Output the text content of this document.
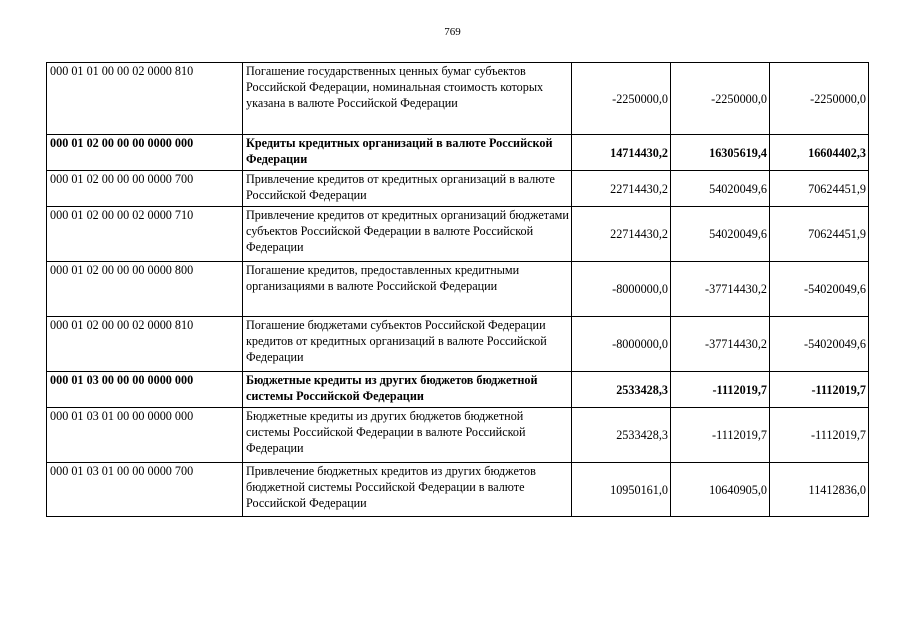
769
000 01 01 00 00 02 0000 810	Погашение государственных ценных бумаг субъектов Российской Федерации, номинальная стоимость которых указана в валюте Российской Федерации	-2250000,0	-2250000,0	-2250000,0
000 01 02 00 00 00 0000 000	Кредиты кредитных организаций в валюте Российской Федерации	14714430,2	16305619,4	16604402,3
000 01 02 00 00 00 0000 700	Привлечение кредитов от кредитных организаций в валюте Российской Федерации	22714430,2	54020049,6	70624451,9
000 01 02 00 00 02 0000 710	Привлечение кредитов от кредитных организаций бюджетами субъектов Российской Федерации в валюте Российской Федерации	22714430,2	54020049,6	70624451,9
000 01 02 00 00 00 0000 800	Погашение кредитов, предоставленных кредитными организациями в валюте Российской Федерации	-8000000,0	-37714430,2	-54020049,6
000 01 02 00 00 02 0000 810	Погашение бюджетами субъектов Российской Федерации кредитов от кредитных организаций в валюте Российской Федерации	-8000000,0	-37714430,2	-54020049,6
000 01 03 00 00 00 0000 000	Бюджетные кредиты из других бюджетов бюджетной системы Российской Федерации	2533428,3	-1112019,7	-1112019,7
000 01 03 01 00 00 0000 000	Бюджетные кредиты из других бюджетов бюджетной системы Российской Федерации в валюте Российской Федерации	2533428,3	-1112019,7	-1112019,7
000 01 03 01 00 00 0000 700	Привлечение бюджетных кредитов из других бюджетов бюджетной системы Российской Федерации в валюте Российской Федерации	10950161,0	10640905,0	11412836,0
